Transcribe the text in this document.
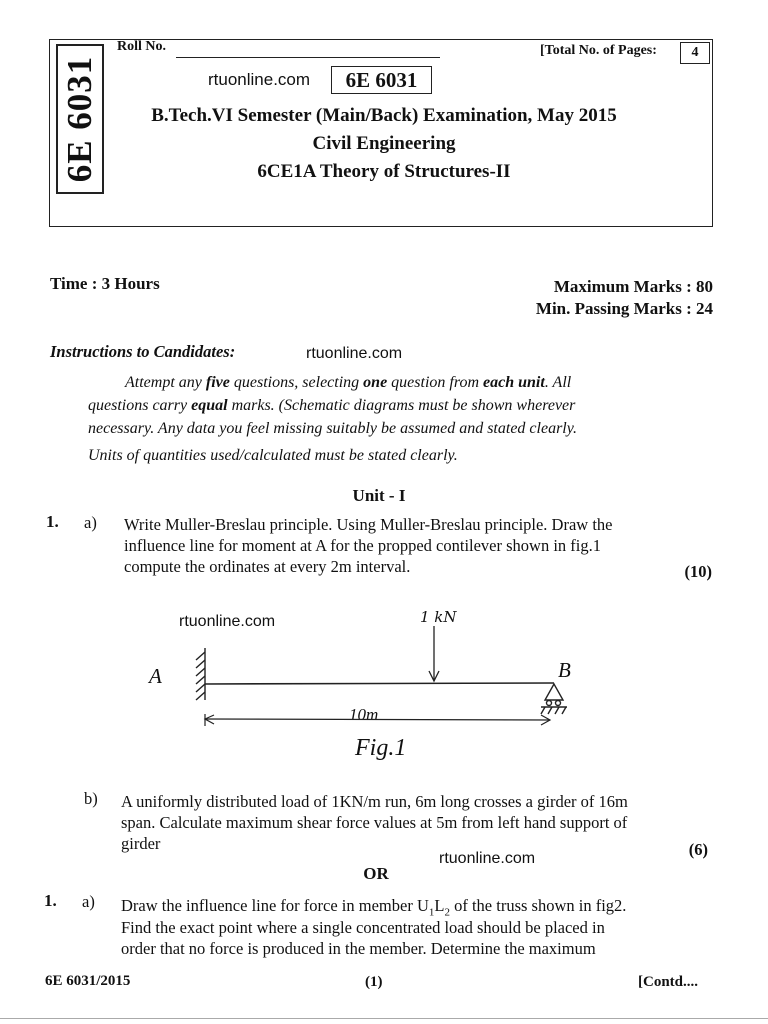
6E 6031
Roll No.	[Total No. of Pages:	4
rtuonline.com	6E 6031
B.Tech.VI Semester (Main/Back) Examination, May 2015
Civil Engineering
6CE1A Theory of Structures-II
Time : 3 Hours	Maximum Marks : 80
Min. Passing Marks : 24
Instructions to Candidates:	rtuonline.com
Attempt any five questions, selecting one question from each unit. All
questions carry equal marks. (Schematic diagrams must be shown wherever
necessary. Any data you feel missing suitably be assumed and stated clearly.
Units of quantities used/calculated must be stated clearly.
Unit - I
1. a) Write Muller-Breslau principle. Using Muller-Breslau principle. Draw the
influence line for moment at A for the propped contilever shown in fig.1
compute the ordinates at every 2m interval.	(10)
rtuonline.com	1 kN
A	B
10m
Fig.1
b) A uniformly distributed load of 1KN/m run, 6m long crosses a girder of 16m
span. Calculate maximum shear force values at 5m from left hand support of
girder
rtuonline.com	(6)
OR
1. a) Draw the influence line for force in member $U_1L_2$ of the truss shown in fig2.
Find the exact point where a single concentrated load should be placed in
order that no force is produced in the member. Determine the maximum
6E 6031/2015	(1)	[Contd....
